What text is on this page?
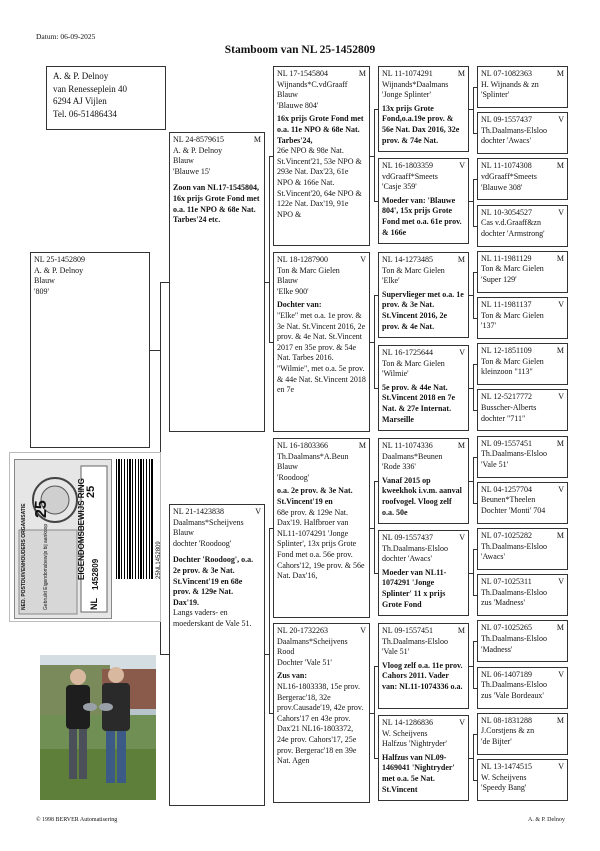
Datum: 06-09-2025
Stamboom van NL 25-1452809
A. & P. Delnoy
van Renesseplein 40
6294 AJ Vijlen
Tel. 06-51486434
NL 25-1452809
A. & P. Delnoy
Blauw
'809'
NL 24-8579615	M
A. & P. Delnoy
Blauw
'Blauwe 15'
Zoon van NL17-1545804, 16x prijs Grote Fond met o.a. 11e NPO & 68e Nat. Tarbes'24 etc.
NL 21-1423838	V
Daalmans*Scheijvens
Blauw
dochter 'Roodoog'
Dochter 'Roodoog', o.a. 2e prov. & 3e Nat. St.Vincent'19 en 68e prov. & 129e Nat. Dax'19.
Langs vaders- en moederskant de Vale 51.
NL 17-1545804	M
Wijnands*C.vdGraaff
Blauw
'Blauwe 804'
16x prijs Grote Fond met o.a. 11e NPO & 68e Nat. Tarbes'24,
26e NPO & 98e Nat. St.Vincent'21, 53e NPO & 293e Nat. Dax'23, 61e NPO & 166e Nat. St.Vincent'20, 64e NPO & 122e Nat. Dax'19, 91e NPO &
NL 18-1287900	V
Ton & Marc Gielen
Blauw
'Elke 900'
Dochter van:
"Elke" met o.a. 1e prov. & 3e Nat. St.Vincent 2016, 2e prov. & 4e Nat. St.Vincent 2017 en 35e prov. & 54e Nat. Tarbes 2016. "Wilmie", met o.a. 5e prov. & 44e Nat. St.Vincent 2018 en 7e
NL 16-1803366	M
Th.Daalmans*A.Beun
Blauw
'Roodoog'
o.a. 2e prov. & 3e Nat. St.Vincent'19 en
68e prov. & 129e Nat. Dax'19. Halfbroer van NL11-1074291 'Jonge Splinter', 13x prijs Grote Fond met o.a. 56e prov. Cahors'12, 19e prov. & 56e Nat. Dax'16,
NL 20-1732263	V
Daalmans*Scheijvens
Rood
Dochter 'Vale 51'
Zus van:
NL16-1803338, 15e prov. Bergerac'18, 32e prov.Causade'19, 42e prov. Cahors'17 en 43e prov. Dax'21 NL16-1803372, 24e prov. Cahors'17, 25e prov. Bergerac'18 en 39e Nat. Agen
NL 11-1074291	M
Wijnands*Daalmans
'Jonge Splinter'
13x prijs Grote Fond,o.a.19e prov. & 56e Nat. Dax 2016, 32e prov. & 74e Nat.
NL 16-1803359	V
vdGraaff*Smeets
'Casje 359'
Moeder van: 'Blauwe 804', 15x prijs Grote Fond met o.a. 61e prov. & 166e
NL 14-1273485	M
Ton & Marc Gielen
'Elke'
Supervlieger met o.a. 1e prov. & 3e Nat. St.Vincent 2016, 2e prov. & 4e Nat.
NL 16-1725644	V
Ton & Marc Gielen
'Wilmie'
5e prov. & 44e Nat. St.Vincent 2018 en 7e Nat. & 27e Internat. Marseille
NL 11-1074336	M
Daalmans*Beunen
'Rode 336'
Vanaf 2015 op kweekhok i.v.m. aanval roofvogel. Vloog zelf o.a. 50e
NL 09-1557437	V
Th.Daalmans-Elsloo
dochter 'Awacs'
Moeder van NL11-1074291 'Jonge Splinter' 11 x prijs Grote Fond
NL 09-1557451	M
Th.Daalmans-Elsloo
'Vale 51'
Vloog zelf o.a. 11e prov. Cahors 2011. Vader van: NL11-1074336 o.a.
NL 14-1286836	V
W. Scheijvens
Halfzus 'Nightryder'
Halfzus van NL09-1469041 'Nightryder' met o.a. 5e Nat. St.Vincent
NL 07-1082363	M
H. Wijnands & zn
'Splinter'
NL 09-1557437	V
Th.Daalmans-Elsloo
dochter 'Awacs'
NL 11-1074308	M
vdGraaff*Smeets
'Blauwe 308'
NL 10-3054527	V
Cas v.d.Graaff&zn
dochter 'Armstrong'
NL 11-1981129	M
Ton & Marc Gielen
'Super 129'
NL 11-1981137	V
Ton & Marc Gielen
'137'
NL 12-1851109	M
Ton & Marc Gielen
kleinzoon "113"
NL 12-5217772	V
Busscher-Alberts
dochter "711"
NL 09-1557451	M
Th.Daalmans-Elsloo
'Vale 51'
NL 04-1257704	V
Beunen*Theelen
Dochter 'Monti' 704
NL 07-1025282	M
Th.Daalmans-Elsloo
'Awacs'
NL 07-1025311	V
Th.Daalmans-Elsloo
zus 'Madness'
NL 07-1025265	M
Th.Daalmans-Elsloo
'Madness'
NL 06-1407189	V
Th.Daalmans-Elsloo
zus 'Vale Bordeaux'
NL 08-1831288	M
J.Corstjens & zn
'de Bijter'
NL 13-1474515	V
W. Scheijvens
'Speedy Bang'
NED. POSTDUIVENHOUDERS ORGANISATIE	EIGENDOMSBEWIJS RING
25
25
NL
1452809
Gebruikt Eigendomsbewijs bij aankoop	25NL1452809
© 1998 BERVER Automatisering	A. & P. Delnoy
